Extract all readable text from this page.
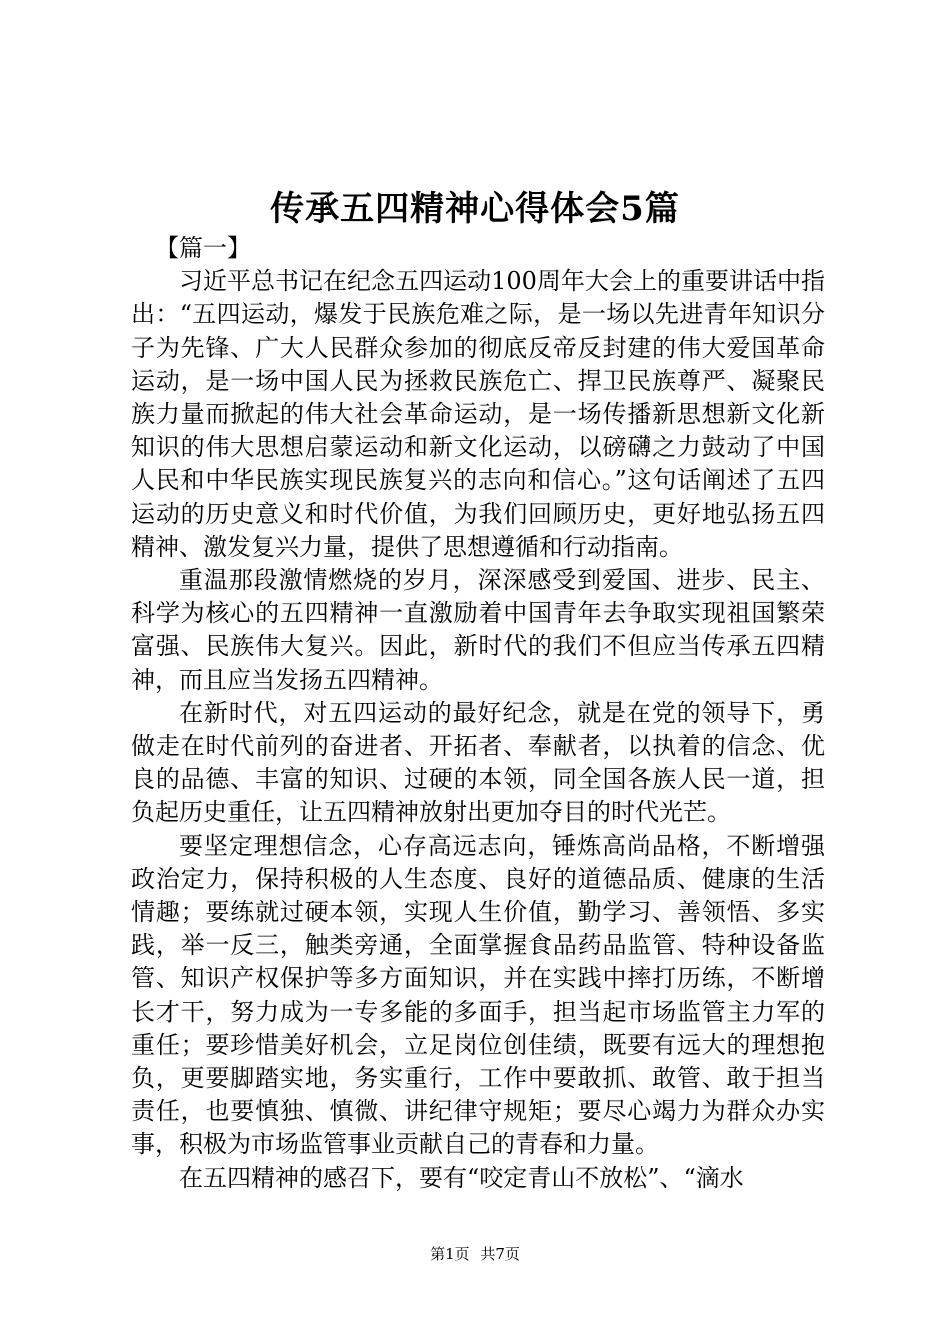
传承五四精神心得体会5篇
【篇一】

习近平总书记在纪念五四运动100周年大会上的重要讲话中指出：“五四运动，爆发于民族危难之际，是一场以先进青年知识分子为先锋、广大人民群众参加的彻底反帝反封建的伟大爱国革命运动，是一场中国人民为拯救民族危亡、捍卫民族尊严、凝聚民族力量而掀起的伟大社会革命运动，是一场传播新思想新文化新知识的伟大思想启蒙运动和新文化运动，以磅礴之力鼓动了中国人民和中华民族实现民族复兴的志向和信心。”这句话阐述了五四运动的历史意义和时代价值，为我们回顾历史，更好地弘扬五四精神、激发复兴力量，提供了思想遵循和行动指南。

重温那段激情燃烧的岁月，深深感受到爱国、进步、民主、科学为核心的五四精神一直激励着中国青年去争取实现祖国繁荣富强、民族伟大复兴。因此，新时代的我们不但应当传承五四精神，而且应当发扬五四精神。

在新时代，对五四运动的最好纪念，就是在党的领导下，勇做走在时代前列的奋进者、开拓者、奉献者，以执着的信念、优良的品德、丰富的知识、过硬的本领，同全国各族人民一道，担负起历史重任，让五四精神放射出更加夺目的时代光芒。

要坚定理想信念，心存高远志向，锤炼高尚品格，不断增强政治定力，保持积极的人生态度、良好的道德品质、健康的生活情趣；要练就过硬本领，实现人生价值，勤学习、善领悟、多实践，举一反三，触类旁通，全面掌握食品药品监管、特种设备监管、知识产权保护等多方面知识，并在实践中摔打历练，不断增长才干，努力成为一专多能的多面手，担当起市场监管主力军的重任；要珍惜美好机会，立足岗位创佳绩，既要有远大的理想抱负，更要脚踏实地，务实重行，工作中要敢抓、敢管、敢于担当责任，也要慎独、慎微、讲纪律守规矩；要尽心竭力为群众办实事，积极为市场监管事业贡献自己的青春和力量。

在五四精神的感召下，要有“咬定青山不放松”、“滴水

第1页 共7页
